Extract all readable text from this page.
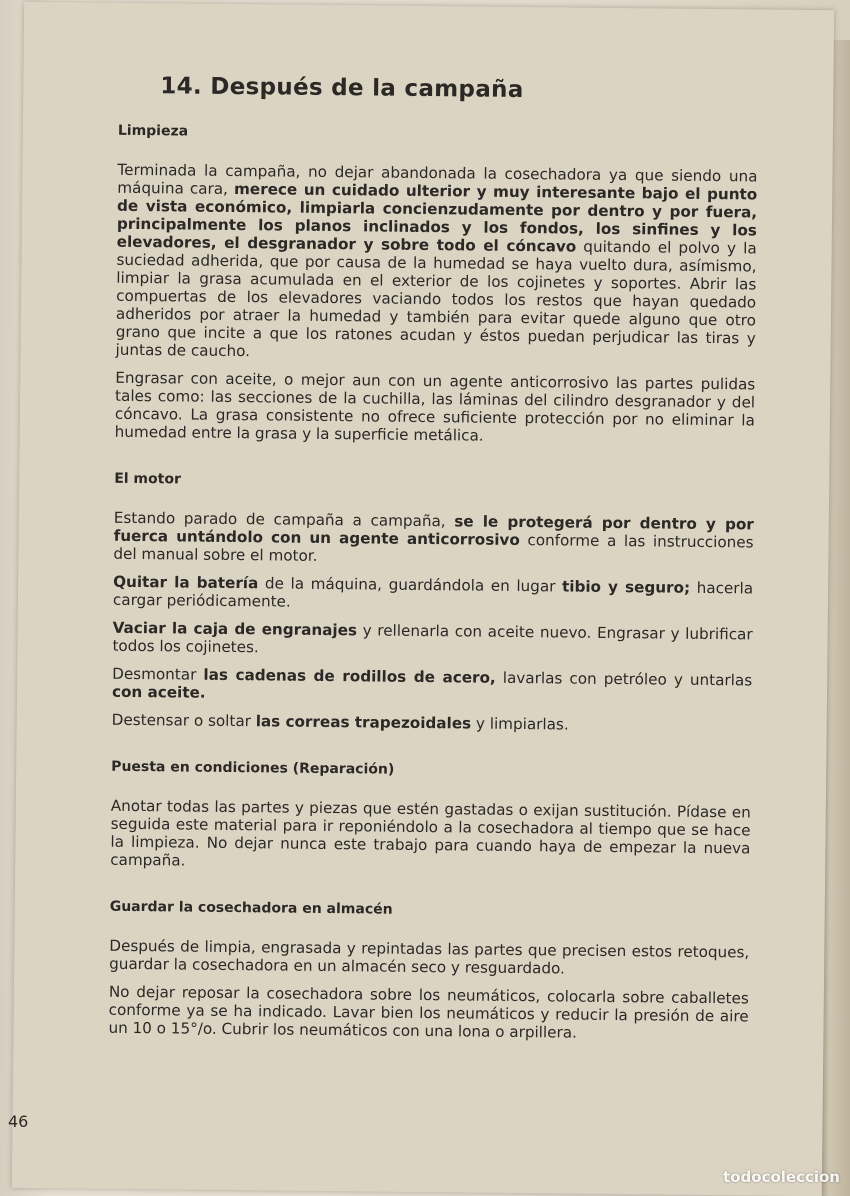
14. Después de la campaña
Limpieza

Terminada la campaña, no dejar abandonada la cosechadora ya que siendo una máquina cara, merece un cuidado ulterior y muy interesante bajo el punto de vista económico, limpiarla concienzudamente por dentro y por fuera, principalmente los planos inclinados y los fondos, los sinfines y los elevadores, el desgranador y sobre todo el cóncavo quitando el polvo y la suciedad adherida, que por causa de la humedad se haya vuelto dura, asímismo, limpiar la grasa acumulada en el exterior de los cojinetes y soportes. Abrir las compuertas de los elevadores vaciando todos los restos que hayan quedado adheridos por atraer la humedad y también para evitar quede alguno que otro grano que incite a que los ratones acudan y éstos puedan perjudicar las tiras y juntas de caucho.

Engrasar con aceite, o mejor aun con un agente anticorrosivo las partes pulidas tales como: las secciones de la cuchilla, las láminas del cilindro desgranador y del cóncavo. La grasa consistente no ofrece suficiente protección por no eliminar la humedad entre la grasa y la superficie metálica.

El motor

Estando parado de campaña a campaña, se le protegerá por dentro y por fuerca untándolo con un agente anticorrosivo conforme a las instrucciones del manual sobre el motor.

Quitar la batería de la máquina, guardándola en lugar tibio y seguro; hacerla cargar periódicamente.

Vaciar la caja de engranajes y rellenarla con aceite nuevo. Engrasar y lubrificar todos los cojinetes.

Desmontar las cadenas de rodillos de acero, lavarlas con petróleo y untarlas con aceite.

Destensar o soltar las correas trapezoidales y limpiarlas.

Puesta en condiciones (Reparación)

Anotar todas las partes y piezas que estén gastadas o exijan sustitución. Pídase en seguida este material para ir reponiéndolo a la cosechadora al tiempo que se hace la limpieza. No dejar nunca este trabajo para cuando haya de empezar la nueva campaña.

Guardar la cosechadora en almacén

Después de limpia, engrasada y repintadas las partes que precisen estos retoques, guardar la cosechadora en un almacén seco y resguardado.

No dejar reposar la cosechadora sobre los neumáticos, colocarla sobre caballetes conforme ya se ha indicado. Lavar bien los neumáticos y reducir la presión de aire un 10 o 15°/o. Cubrir los neumáticos con una lona o arpillera.

46
todocoleccion
